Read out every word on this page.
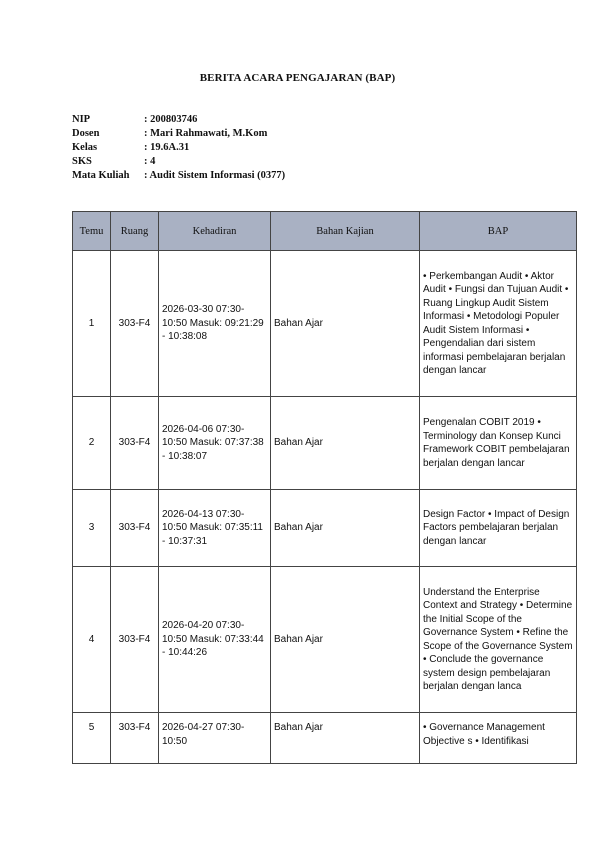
BERITA ACARA PENGAJARAN (BAP)
NIP	: 200803746
Dosen	: Mari Rahmawati, M.Kom
Kelas	: 19.6A.31
SKS	: 4
Mata Kuliah	: Audit Sistem Informasi (0377)
Temu	Ruang	Kehadiran	Bahan Kajian	BAP
1	303-F4	2026-03-30 07:30-10:50 Masuk: 09:21:29 - 10:38:08	Bahan Ajar	• Perkembangan Audit • Aktor Audit • Fungsi dan Tujuan Audit • Ruang Lingkup Audit Sistem Informasi • Metodologi Populer Audit Sistem Informasi • Pengendalian dari sistem informasi pembelajaran berjalan dengan lancar
2	303-F4	2026-04-06 07:30-10:50 Masuk: 07:37:38 - 10:38:07	Bahan Ajar	Pengenalan COBIT 2019 • Terminology dan Konsep Kunci Framework COBIT pembelajaran berjalan dengan lancar
3	303-F4	2026-04-13 07:30-10:50 Masuk: 07:35:11 - 10:37:31	Bahan Ajar	Design Factor • Impact of Design Factors pembelajaran berjalan dengan lancar
4	303-F4	2026-04-20 07:30-10:50 Masuk: 07:33:44 - 10:44:26	Bahan Ajar	Understand the Enterprise Context and Strategy • Determine the Initial Scope of the Governance System • Refine the Scope of the Governance System • Conclude the governance system design pembelajaran berjalan dengan lanca
5	303-F4	2026-04-27 07:30-10:50	Bahan Ajar	• Governance Management Objective s • Identifikasi
